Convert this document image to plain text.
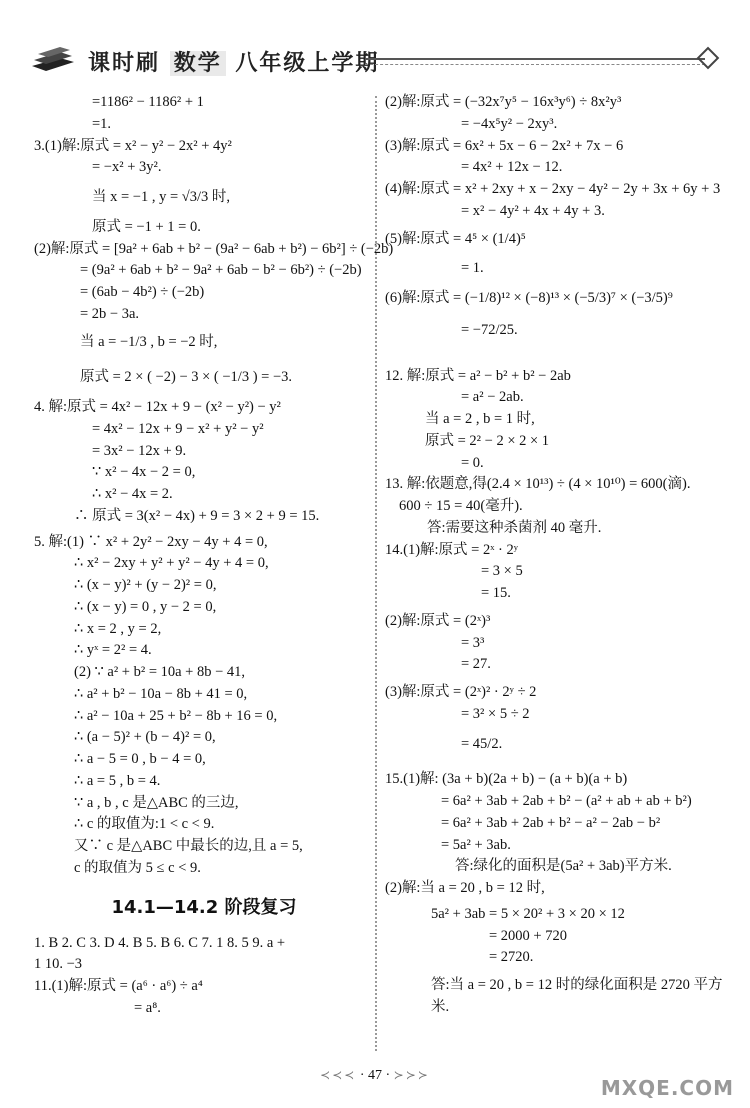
课时刷 数学 八年级上学期
=1186² − 1186² + 1
=1.
3.(1)解:原式 = x² − y² − 2x² + 4y²
= −x² + 3y².
当 x = −1 , y = √3/3 时,
原式 = −1 + 1 = 0.
(2)解:原式 = [9a² + 6ab + b² − (9a² − 6ab + b²) − 6b²] ÷ (−2b)
= (9a² + 6ab + b² − 9a² + 6ab − b² − 6b²) ÷ (−2b)
= (6ab − 4b²) ÷ (−2b)
= 2b − 3a.
当 a = −1/3 , b = −2 时,
原式 = 2 × ( −2) − 3 × ( −1/3 ) = −3.
4. 解:原式 = 4x² − 12x + 9 − (x² − y²) − y²
= 4x² − 12x + 9 − x² + y² − y²
= 3x² − 12x + 9.
∵ x² − 4x − 2 = 0,
∴ x² − 4x = 2.
∴ 原式 = 3(x² − 4x) + 9 = 3 × 2 + 9 = 15.
5. 解:(1) ∵ x² + 2y² − 2xy − 4y + 4 = 0,
∴ x² − 2xy + y² + y² − 4y + 4 = 0,
∴ (x − y)² + (y − 2)² = 0,
∴ (x − y) = 0 , y − 2 = 0,
∴ x = 2 , y = 2,
∴ yˣ = 2² = 4.
(2) ∵ a² + b² = 10a + 8b − 41,
∴ a² + b² − 10a − 8b + 41 = 0,
∴ a² − 10a + 25 + b² − 8b + 16 = 0,
∴ (a − 5)² + (b − 4)² = 0,
∴ a − 5 = 0 , b − 4 = 0,
∴ a = 5 , b = 4.
∵ a , b , c 是△ABC 的三边,
∴ c 的取值为:1 < c < 9.
又∵ c 是△ABC 中最长的边,且 a = 5,
c 的取值为 5 ≤ c < 9.
14.1—14.2 阶段复习
1. B 2. C 3. D 4. B 5. B 6. C 7. 1 8. 5 9. a +
1 10. −3
11.(1)解:原式 = (a⁶ · a⁶) ÷ a⁴
= a⁸.
(2)解:原式 = (−32x⁷y⁵ − 16x³y⁶) ÷ 8x²y³
= −4x⁵y² − 2xy³.
(3)解:原式 = 6x² + 5x − 6 − 2x² + 7x − 6
= 4x² + 12x − 12.
(4)解:原式 = x² + 2xy + x − 2xy − 4y² − 2y + 3x + 6y + 3
= x² − 4y² + 4x + 4y + 3.
(5)解:原式 = 4⁵ × (1/4)⁵
= 1.
(6)解:原式 = (−1/8)¹² × (−8)¹³ × (−5/3)⁷ × (−3/5)⁹
= −72/25.
12. 解:原式 = a² − b² + b² − 2ab
= a² − 2ab.
当 a = 2 , b = 1 时,
原式 = 2² − 2 × 2 × 1
= 0.
13. 解:依题意,得(2.4 × 10¹³) ÷ (4 × 10¹⁰) = 600(滴).
600 ÷ 15 = 40(毫升).
答:需要这种杀菌剂 40 毫升.
14.(1)解:原式 = 2ˣ · 2ʸ
= 3 × 5
= 15.
(2)解:原式 = (2ˣ)³
= 3³
= 27.
(3)解:原式 = (2ˣ)² · 2ʸ ÷ 2
= 3² × 5 ÷ 2
= 45/2.
15.(1)解: (3a + b)(2a + b) − (a + b)(a + b)
= 6a² + 3ab + 2ab + b² − (a² + ab + ab + b²)
= 6a² + 3ab + 2ab + b² − a² − 2ab − b²
= 5a² + 3ab.
答:绿化的面积是(5a² + 3ab)平方米.
(2)解:当 a = 20 , b = 12 时,
5a² + 3ab = 5 × 20² + 3 × 20 × 12
= 2000 + 720
= 2720.
答:当 a = 20 , b = 12 时的绿化面积是 2720 平方
米.
≺≺≺ · 47 · ≻≻≻
MXQE.COM
